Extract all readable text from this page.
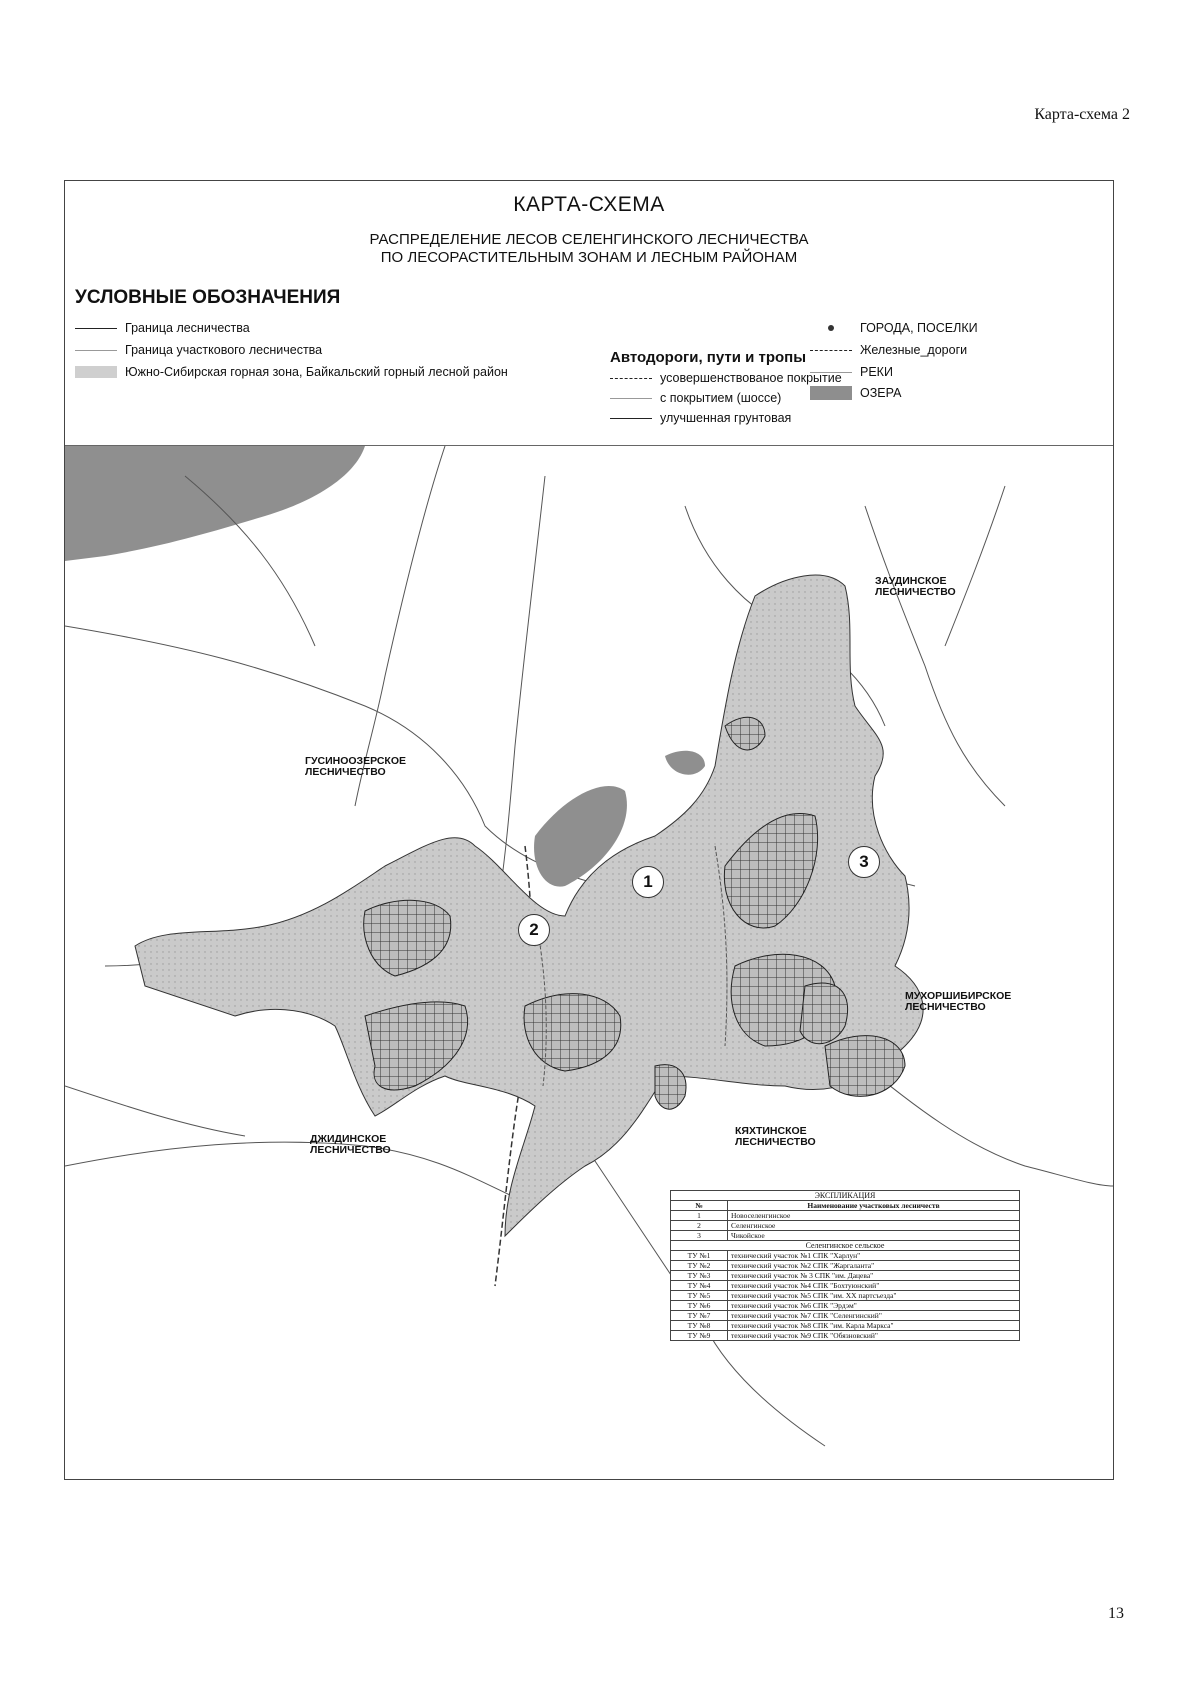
Карта-схема 2
КАРТА-СХЕМА
РАСПРЕДЕЛЕНИЕ ЛЕСОВ СЕЛЕНГИНСКОГО ЛЕСНИЧЕСТВА
ПО ЛЕСОРАСТИТЕЛЬНЫМ ЗОНАМ И ЛЕСНЫМ РАЙОНАМ
УСЛОВНЫЕ ОБОЗНАЧЕНИЯ
Граница лесничества
Граница участкового лесничества
Южно-Сибирская горная зона, Байкальский горный лесной район
Автодороги, пути и тропы
усовершенствованое покрытие
с покрытием (шоссе)
улучшенная грунтовая
ГОРОДА, ПОСЕЛКИ
Железные_дороги
РЕКИ
ОЗЕРА
ГУСИНООЗЕРСКОЕ
ЛЕСНИЧЕСТВО
ЗАУДИНСКОЕ
ЛЕСНИЧЕСТВО
МУХОРШИБИРСКОЕ
ЛЕСНИЧЕСТВО
ДЖИДИНСКОЕ
ЛЕСНИЧЕСТВО
КЯХТИНСКОЕ
ЛЕСНИЧЕСТВО
1
2
3
ЭКСПЛИКАЦИЯ	
№	Наименование участковых лесничеств
1	Новоселенгинское
2	Селенгинское
3	Чикойское
Селенгинское сельское	
ТУ №1	технический участок №1 СПК "Харлун"
ТУ №2	технический участок №2 СПК "Жаргаланта"
ТУ №3	технический участок № 3 СПК "им. Дацева"
ТУ №4	технический участок №4 СПК "Бохтуюнский"
ТУ №5	технический участок №5 СПК "им. XX партсъезда"
ТУ №6	технический участок №6 СПК "Эрдэм"
ТУ №7	технический участок №7 СПК "Селенгинский"
ТУ №8	технический участок №8 СПК "им. Карла Маркса"
ТУ №9	технический участок №9 СПК "Обязновский"
13
